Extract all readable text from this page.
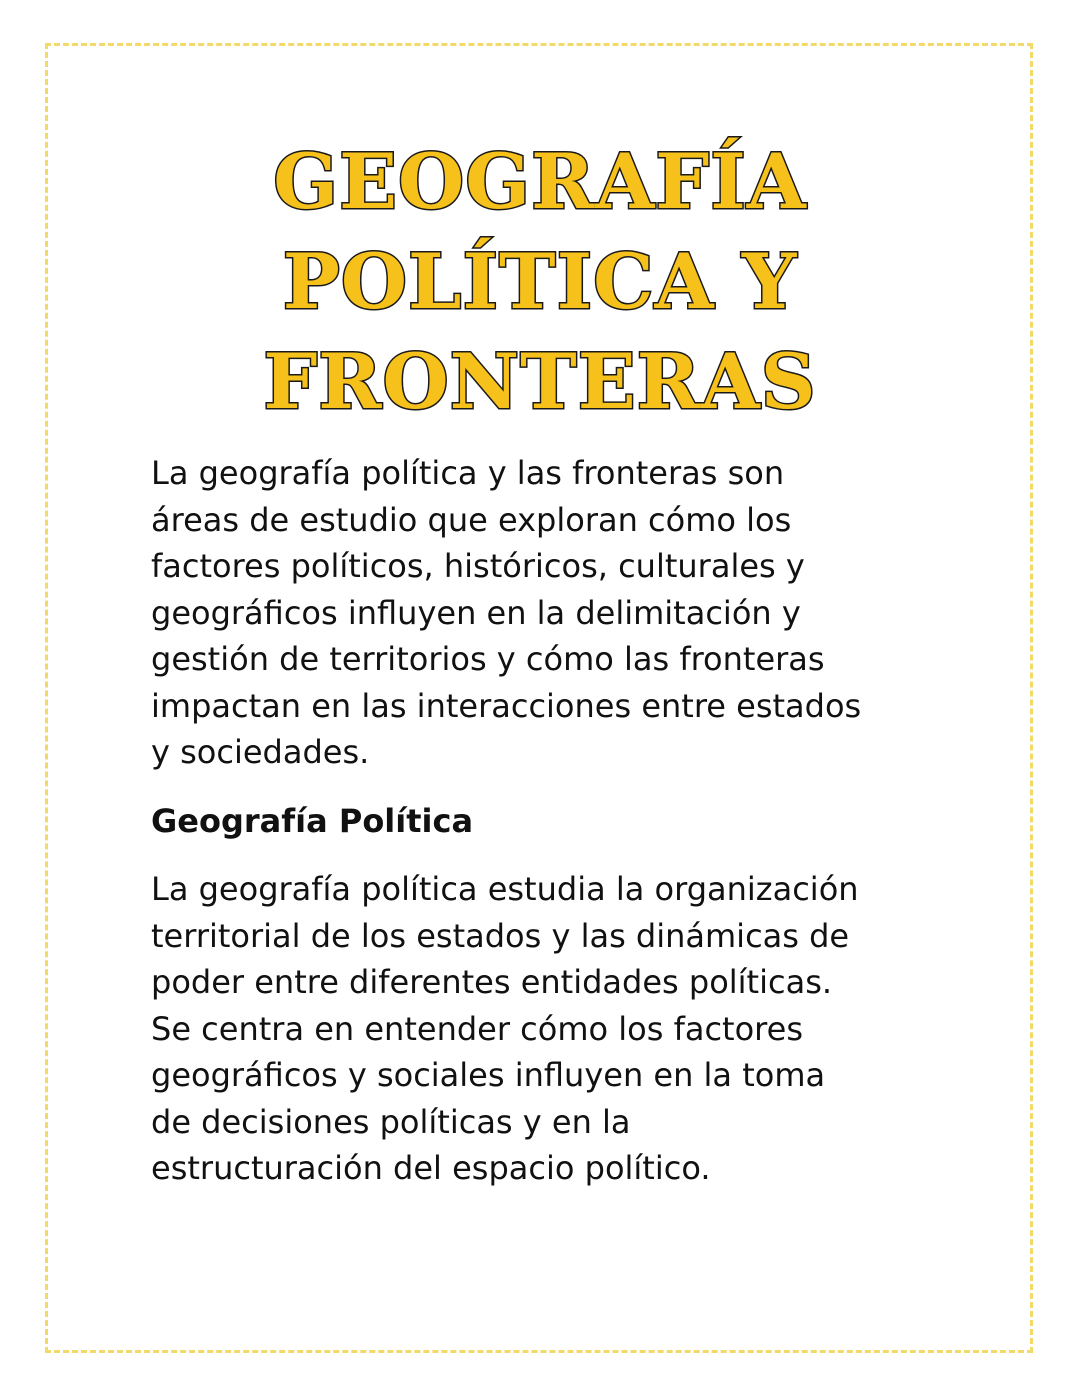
GEOGRAFÍA
POLÍTICA Y
FRONTERAS

La geografía política y las fronteras son
áreas de estudio que exploran cómo los
factores políticos, históricos, culturales y
geográficos influyen en la delimitación y
gestión de territorios y cómo las fronteras
impactan en las interacciones entre estados
y sociedades.

Geografía Política

La geografía política estudia la organización
territorial de los estados y las dinámicas de
poder entre diferentes entidades políticas.
Se centra en entender cómo los factores
geográficos y sociales influyen en la toma
de decisiones políticas y en la
estructuración del espacio político.
